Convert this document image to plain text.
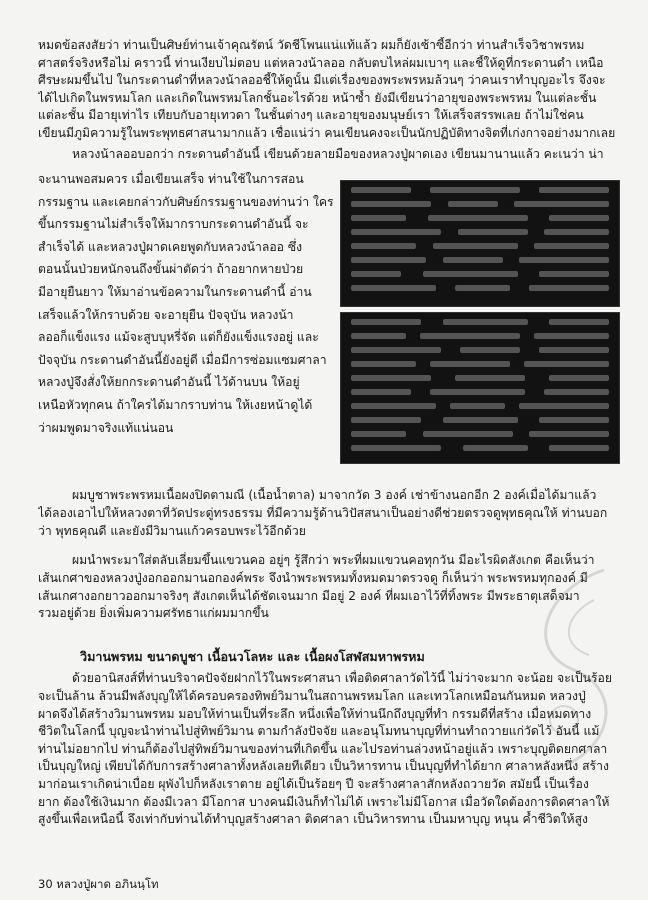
หมดข้อสงสัยว่า ท่านเป็นศิษย์ท่านเจ้าคุณรัตน์ วัดชีโพนแน่แท้แล้ว ผมก็ยังเซ้าซี้อีกว่า ท่านสำเร็จวิชาพรหม
ศาสตร์จริงหรือไม่ คราวนี้ ท่านเงียบไม่ตอบ แต่หลวงน้าลออ กลับตบไหล่ผมเบาๆ และชี้ให้ดูที่กระดานดำ เหนือ
ศีรษะผมขึ้นไป ในกระดานดำที่หลวงน้าลออชี้ให้ดูนั้น มีแต่เรื่องของพระพรหมล้วนๆ ว่าคนเราทำบุญอะไร จึงจะ
ได้ไปเกิดในพรหมโลก และเกิดในพรหมโลกชั้นอะไรด้วย หน้าซ้ำ ยังมีเขียนว่าอายุของพระพรหม ในแต่ละชั้น
แต่ละชั้น มีอายุเท่าไร เทียบกับอายุเทวดา ในชั้นต่างๆ และอายุของมนุษย์เรา ให้เสร็จสรรพเลย ถ้าไม่ใช่คน
เขียนมีภูมิความรู้ในพระพุทธศาสนามากแล้ว เชื่อแน่ว่า คนเขียนคงจะเป็นนักปฏิบัติทางจิตที่เก่งกาจอย่างมากเลย

หลวงน้าลออบอกว่า กระดานดำอันนี้ เขียนด้วยลายมือของหลวงปู่ผาดเอง เขียนมานานแล้ว คะเนว่า น่า

จะนานพอสมควร เมื่อเขียนเสร็จ ท่านใช้ในการสอน
กรรมฐาน และเคยกล่าวกับศิษย์กรรมฐานของท่านว่า ใคร
ขึ้นกรรมฐานไม่สำเร็จให้มากราบกระดานดำอันนี้ จะ
สำเร็จได้ และหลวงปู่ผาดเคยพูดกับหลวงน้าลออ ซึ่ง
ตอนนั้นป่วยหนักจนถึงขั้นผ่าตัดว่า ถ้าอยากหายป่วย
มีอายุยืนยาว ให้มาอ่านข้อความในกระดานดำนี้ อ่าน
เสร็จแล้วให้กราบด้วย จะอายุยืน ปัจจุบัน หลวงน้า
ลออก็แข็งแรง แม้จะสูบบุหรี่จัด แต่ก็ยังแข็งแรงอยู่ และ
ปัจจุบัน กระดานดำอันนี้ยังอยู่ดี เมื่อมีการซ่อมแซมศาลา
หลวงปู่จึงสั่งให้ยกกระดานดำอันนี้ ไว้ด้านบน ให้อยู่
เหนือหัวทุกคน ถ้าใครได้มากราบท่าน ให้เงยหน้าดูได้
ว่าผมพูดมาจริงแท้แน่นอน

ผมบูชาพระพรหมเนื้อผงปิดตามณี (เนื้อน้ำตาล) มาจากวัด 3 องค์ เช่าข้างนอกอีก 2 องค์เมื่อได้มาแล้ว

ได้ลองเอาไปให้หลวงตาที่วัดประดู่ทรงธรรม ที่มีความรู้ด้านวิปัสสนาเป็นอย่างดีช่วยตรวจดูพุทธคุณให้ ท่านบอก
ว่า พุทธคุณดี และยังมีวิมานแก้วครอบพระไว้อีกด้วย

ผมนำพระมาใส่ตลับเลี่ยมขึ้นแขวนคอ อยู่ๆ รู้สึกว่า พระที่ผมแขวนคอทุกวัน มีอะไรผิดสังเกต คือเห็นว่า

เส้นเกศาของหลวงปู่งอกออกมานอกองค์พระ จึงนำพระพรหมทั้งหมดมาตรวจดู ก็เห็นว่า พระพรหมทุกองค์ มี
เส้นเกศางอกยาวออกมาจริงๆ สังเกตเห็นได้ชัดเจนมาก มีอยู่ 2 องค์ ที่ผมเอาไว้ที่ทิ้งพระ มีพระธาตุเสด็จมา
รวมอยู่ด้วย ยิ่งเพิ่มความศรัทธาแก่ผมมากขึ้น

วิมานพรหม ขนาดบูชา เนื้อนวโลหะ และ เนื้อผงโสฬสมหาพรหม

ด้วยอานิสงส์ที่ท่านบริจาคปัจจัยฝากไว้ในพระศาสนา เพื่อติดศาลาวัดไว้นี้ ไม่ว่าจะมาก จะน้อย จะเป็นร้อย

จะเป็นล้าน ล้วนมีพลังบุญให้ได้ครอบครองทิพย์วิมานในสถานพรหมโลก และเทวโลกเหมือนกันหมด หลวงปู่
ผาดจึงได้สร้างวิมานพรหม มอบให้ท่านเป็นที่ระลึก หนึ่งเพื่อให้ท่านนึกถึงบุญที่ทำ กรรมดีที่สร้าง เมื่อหมดทาง
ชีวิตในโลกนี้ บุญจะนำท่านไปสู่ทิพย์วิมาน ตามกำลังปัจจัย และอนุโมทนาบุญที่ท่านทำถวายแก่วัดไว้ อันนี้ แม้
ท่านไม่อยากไป ท่านก็ต้องไปสู่ทิพย์วิมานของท่านที่เกิดขึ้น และไปรอท่านล่วงหน้าอยู่แล้ว เพราะบุญติดยกศาลา
เป็นบุญใหญ่ เพียบได้กับการสร้างศาลาทั้งหลังเลยทีเดียว เป็นวิหารทาน เป็นบุญที่ทำได้ยาก ศาลาหลังหนึ่ง สร้าง
มาก่อนเราเกิดน่าเบื่อย ผุพังไปก็หลังเราตาย อยู่ได้เป็นร้อยๆ ปี จะสร้างศาลาสักหลังถวายวัด สมัยนี้ เป็นเรื่อง
ยาก ต้องใช้เงินมาก ต้องมีเวลา มีโอกาส บางคนมีเงินก็ทำไม่ได้ เพราะไม่มีโอกาส เมื่อวัดใดต้องการติดศาลาให้
สูงขึ้นเพื่อเหนือนี้ จึงเท่ากับท่านได้ทำบุญสร้างศาลา ติดศาลา เป็นวิหารทาน เป็นมหาบุญ หนุน ค้ำชีวิตให้สูง

30 หลวงปู่ผาด อภินนฺโท
